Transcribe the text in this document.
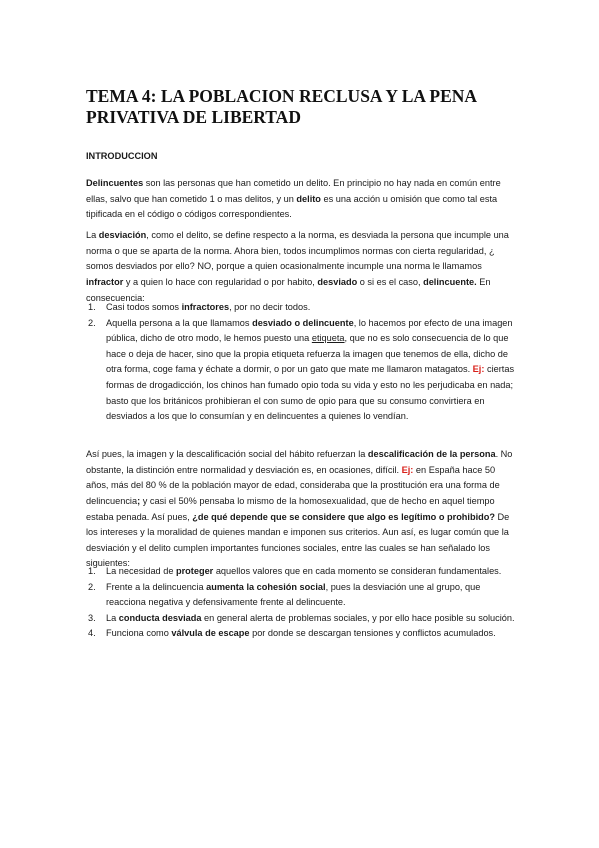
TEMA 4: LA POBLACION RECLUSA Y LA PENA PRIVATIVA DE LIBERTAD
INTRODUCCION

Delincuentes son las personas que han cometido un delito. En principio no hay nada en común entre ellas, salvo que han cometido 1 o mas delitos, y un delito es una acción u omisión que como tal esta tipificada en el código o códigos correspondientes.

La desviación, como el delito, se define respecto a la norma, es desviada la persona que incumple una norma o que se aparta de la norma. Ahora bien, todos incumplimos normas con cierta regularidad, ¿ somos desviados por ello? NO, porque a quien ocasionalmente incumple una norma le llamamos infractor y a quien lo hace con regularidad o por habito, desviado o si es el caso, delincuente. En consecuencia:

1. Casi todos somos infractores, por no decir todos.
2. Aquella persona a la que llamamos desviado o delincuente, lo hacemos por efecto de una imagen pública, dicho de otro modo, le hemos puesto una etiqueta, que no es solo consecuencia de lo que hace o deja de hacer, sino que la propia etiqueta refuerza la imagen que tenemos de ella, dicho de otra forma, coge fama y échate a dormir, o por un gato que mate me llamaron matagatos. Ej: ciertas formas de drogadicción, los chinos han fumado opio toda su vida y esto no les perjudicaba en nada; basto que los británicos prohibieran el con sumo de opio para que su consumo convirtiera en desviados a los que lo consumían y en delincuentes a quienes lo vendían.

Así pues, la imagen y la descalificación social del hábito refuerzan la descalificación de la persona. No obstante, la distinción entre normalidad y desviación es, en ocasiones, difícil. Ej: en España hace 50 años, más del 80 % de la población mayor de edad, consideraba que la prostitución era una forma de delincuencia; y casi el 50% pensaba lo mismo de la homosexualidad, que de hecho en aquel tiempo estaba penada. Así pues, ¿de qué depende que se considere que algo es legítimo o prohibido? De los intereses y la moralidad de quienes mandan e imponen sus criterios. Aun así, es lugar común que la desviación y el delito cumplen importantes funciones sociales, entre las cuales se han señalado los siguientes:

1. La necesidad de proteger aquellos valores que en cada momento se consideran fundamentales.
2. Frente a la delincuencia aumenta la cohesión social, pues la desviación une al grupo, que reacciona negativa y defensivamente frente al delincuente.
3. La conducta desviada en general alerta de problemas sociales, y por ello hace posible su solución.
4. Funciona como válvula de escape por donde se descargan tensiones y conflictos acumulados.
